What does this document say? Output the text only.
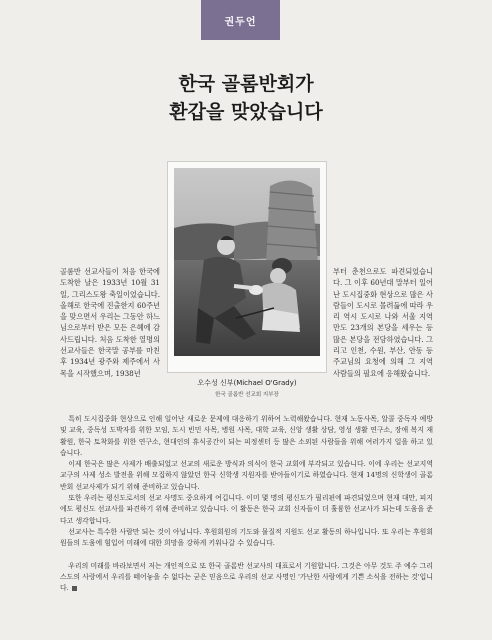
권두언
한국 골롬반회가
환갑을 맞았습니다
오수성 신부(Michael O'Grady)
한국 골롬반 선교회 지부장
골롬반 선교사들이 처음 한국에 도착한 날은 1933년 10월 31일, 그리스도왕 축일이었습니다. 올해로 한국에 진출한지 60주년을 맞으면서 우리는 그동안 하느님으로부터 받은 모든 은혜에 감사드립니다. 처음 도착한 열명의 선교사들은 한국말 공부를 마친 후 1934년 광주와 제주에서 사목을 시작했으며, 1938년
부터 춘천으로도 파견되었습니다. 그 이후 60년대 말부터 일어난 도시집중화 현상으로 많은 사람들이 도시로 몰려듦에 따라 우리 역시 도시로 나와 서울 지역만도 23개의 본당을 세우는 등 많은 본당을 전담하였습니다. 그리고 인천, 수원, 부산, 안동 등 주교님의 요청에 의해 그 지역 사람들의 필요에 응해왔습니다.

특히 도시집중화 현상으로 인해 일어난 새로운 문제에 대응하기 위하여 노력해왔습니다. 현재 노동사목, 알콜 중독자 예방 및 교육, 중독성 도박자를 위한 모임, 도시 빈민 사목, 병원 사목, 대학 교육, 신앙 생활 상담, 영성 생활 연구소, 장애 복지 재활원, 한국 토착화를 위한 연구소, 현대인의 휴식공간이 되는 피정센터 등 많은 소외된 사람들을 위해 여러가지 일을 하고 있습니다.

이제 한국은 많은 사제가 배출되었고 선교의 새로운 방식과 의식이 한국 교회에 부각되고 있습니다. 이에 우리는 선교지역 교구의 사제 성소 발전을 위해 모집하지 않았던 한국 신학생 지원자를 받아들이기로 하였습니다. 현재 14명의 신학생이 골롬반회 선교사제가 되기 위해 준비하고 있습니다.

또한 우리는 평신도로서의 선교 사명도 중요하게 여깁니다. 이미 몇 명의 평신도가 필리핀에 파견되었으며 현재 대만, 피지에도 평신도 선교사를 파견하기 위해 준비하고 있습니다. 이 활동은 한국 교회 신자들이 더 훌륭한 선교사가 되는데 도움을 준다고 생각합니다.

선교사는 특수한 사람만 되는 것이 아닙니다. 후원회원의 기도와 물질적 지원도 선교 활동의 하나입니다. 또 우리는 후원회원들의 도움에 힘입어 미래에 대한 희망을 강하게 키워나갈 수 있습니다.

우리의 미래를 바라보면서 저는 개인적으로 또 한국 골롬반 선교사의 대표로서 기원합니다. 그것은 아무 것도 주 예수 그리스도의 사랑에서 우리를 떼어놓을 수 없다는 굳은 믿음으로 우리의 선교 사명인 '가난한 사람에게 기쁜 소식을 전하는 것'입니다.
